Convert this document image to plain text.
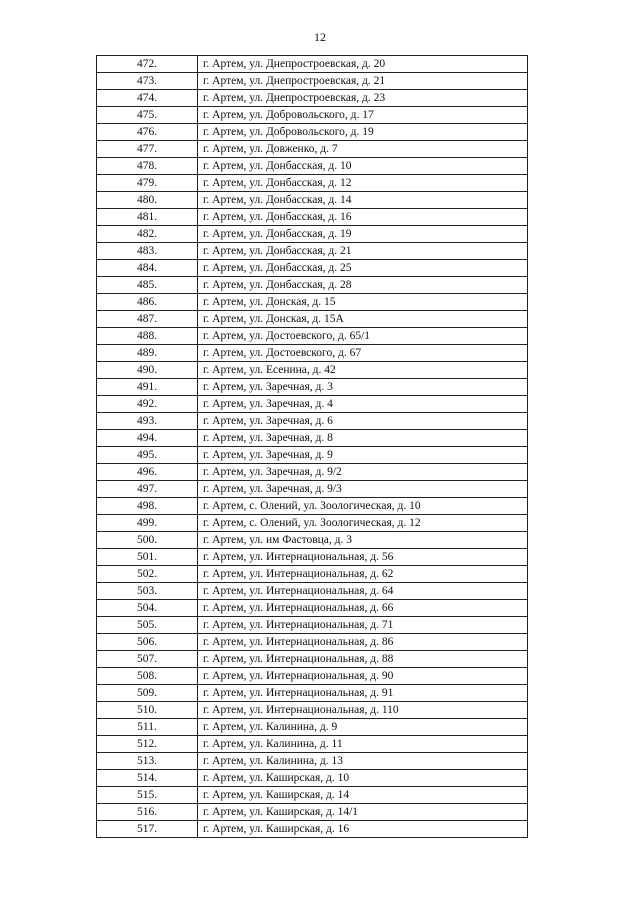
12
472.	г. Артем, ул. Днепростроевская, д. 20
473.	г. Артем, ул. Днепростроевская, д. 21
474.	г. Артем, ул. Днепростроевская, д. 23
475.	г. Артем, ул. Добровольского, д. 17
476.	г. Артем, ул. Добровольского, д. 19
477.	г. Артем, ул. Довженко, д. 7
478.	г. Артем, ул. Донбасская, д. 10
479.	г. Артем, ул. Донбасская, д. 12
480.	г. Артем, ул. Донбасская, д. 14
481.	г. Артем, ул. Донбасская, д. 16
482.	г. Артем, ул. Донбасская, д. 19
483.	г. Артем, ул. Донбасская, д. 21
484.	г. Артем, ул. Донбасская, д. 25
485.	г. Артем, ул. Донбасская, д. 28
486.	г. Артем, ул. Донская, д. 15
487.	г. Артем, ул. Донская, д. 15А
488.	г. Артем, ул. Достоевского, д. 65/1
489.	г. Артем, ул. Достоевского, д. 67
490.	г. Артем, ул. Есенина, д. 42
491.	г. Артем, ул. Заречная, д. 3
492.	г. Артем, ул. Заречная, д. 4
493.	г. Артем, ул. Заречная, д. 6
494.	г. Артем, ул. Заречная, д. 8
495.	г. Артем, ул. Заречная, д. 9
496.	г. Артем, ул. Заречная, д. 9/2
497.	г. Артем, ул. Заречная, д. 9/3
498.	г. Артем, с. Олений, ул. Зоологическая, д. 10
499.	г. Артем, с. Олений, ул. Зоологическая, д. 12
500.	г. Артем, ул. им Фастовца, д. 3
501.	г. Артем, ул. Интернациональная, д. 56
502.	г. Артем, ул. Интернациональная, д. 62
503.	г. Артем, ул. Интернациональная, д. 64
504.	г. Артем, ул. Интернациональная, д. 66
505.	г. Артем, ул. Интернациональная, д. 71
506.	г. Артем, ул. Интернациональная, д. 86
507.	г. Артем, ул. Интернациональная, д. 88
508.	г. Артем, ул. Интернациональная, д. 90
509.	г. Артем, ул. Интернациональная, д. 91
510.	г. Артем, ул. Интернациональная, д. 110
511.	г. Артем, ул. Калинина, д. 9
512.	г. Артем, ул. Калинина, д. 11
513.	г. Артем, ул. Калинина, д. 13
514.	г. Артем, ул. Каширская, д. 10
515.	г. Артем, ул. Каширская, д. 14
516.	г. Артем, ул. Каширская, д. 14/1
517.	г. Артем, ул. Каширская, д. 16
